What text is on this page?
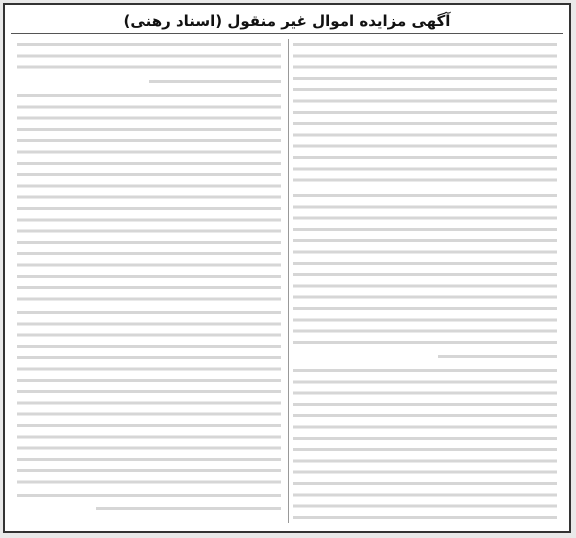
آگهی مزایده اموال غیر منقول (اسناد رهنی)
